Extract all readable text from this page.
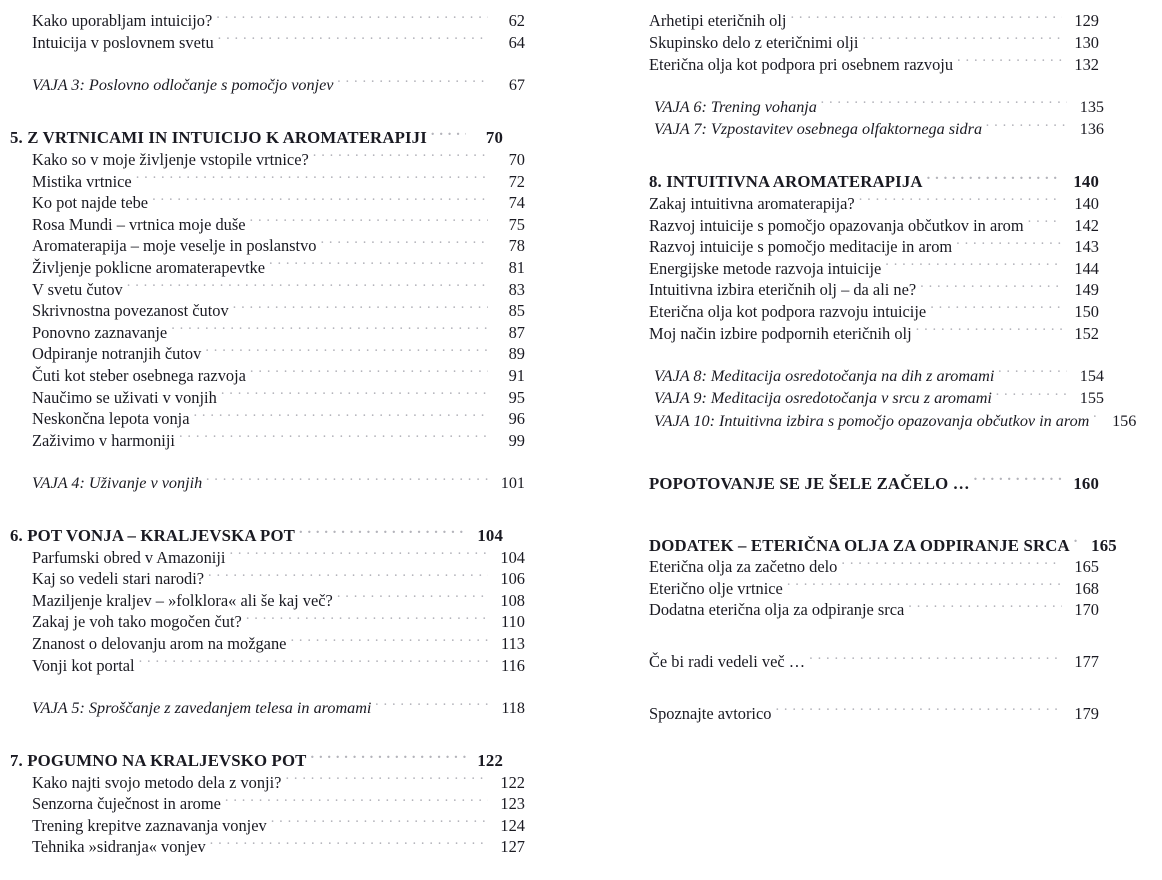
Kako uporabljam intuicijo? . . .	62
Intuicija v poslovnem svetu . . .	64
VAJA 3: Poslovno odločanje s pomočjo vonjev . . .	67
5. Z VRTNICAMI IN INTUICIJO K AROMATERAPIJI . . .	70
Kako so v moje življenje vstopile vrtnice? . . .	70
Mistika vrtnice . . .	72
Ko pot najde tebe . . .	74
Rosa Mundi – vrtnica moje duše . . .	75
Aromaterapija – moje veselje in poslanstvo . . .	78
Življenje poklicne aromaterapevtke . . .	81
V svetu čutov . . .	83
Skrivnostna povezanost čutov . . .	85
Ponovno zaznavanje . . .	87
Odpiranje notranjih čutov . . .	89
Čuti kot steber osebnega razvoja . . .	91
Naučimo se uživati v vonjih . . .	95
Neskončna lepota vonja . . .	96
Zaživimo v harmoniji . . .	99
VAJA 4: Uživanje v vonjih . . .	101
6. POT VONJA – KRALJEVSKA POT . . .	104
Parfumski obred v Amazoniji . . .	104
Kaj so vedeli stari narodi? . . .	106
Maziljenje kraljev – »folklora« ali še kaj več? . . .	108
Zakaj je voh tako mogočen čut? . . .	110
Znanost o delovanju arom na možgane . . .	113
Vonji kot portal . . .	116
VAJA 5: Sproščanje z zavedanjem telesa in aromami . . .	118
7. POGUMNO NA KRALJEVSKO POT . . .	122
Kako najti svojo metodo dela z vonji? . . .	122
Senzorna čuječnost in arome . . .	123
Trening krepitve zaznavanja vonjev . . .	124
Tehnika »sidranja« vonjev . . .	127
Arhetipi eteričnih olj . . .	129
Skupinsko delo z eteričnimi olji . . .	130
Eterična olja kot podpora pri osebnem razvoju . . .	132
VAJA 6: Trening vohanja . . .	135
VAJA 7: Vzpostavitev osebnega olfaktornega sidra . . .	136
8. INTUITIVNA AROMATERAPIJA . . .	140
Zakaj intuitivna aromaterapija? . . .	140
Razvoj intuicije s pomočjo opazovanja občutkov in arom . . .	142
Razvoj intuicije s pomočjo meditacije in arom . . .	143
Energijske metode razvoja intuicije . . .	144
Intuitivna izbira eteričnih olj – da ali ne? . . .	149
Eterična olja kot podpora razvoju intuicije . . .	150
Moj način izbire podpornih eteričnih olj . . .	152
VAJA 8: Meditacija osredotočanja na dih z aromami . . .	154
VAJA 9: Meditacija osredotočanja v srcu z aromami . . .	155
VAJA 10: Intuitivna izbira s pomočjo opazovanja občutkov in arom . . .	156
POPOTOVANJE SE JE ŠELE ZAČELO … . . .	160
DODATEK – ETERIČNA OLJA ZA ODPIRANJE SRCA . . .	165
Eterična olja za začetno delo . . .	165
Eterično olje vrtnice . . .	168
Dodatna eterična olja za odpiranje srca . . .	170
Če bi radi vedeli več … . . .	177
Spoznajte avtorico . . .	179
